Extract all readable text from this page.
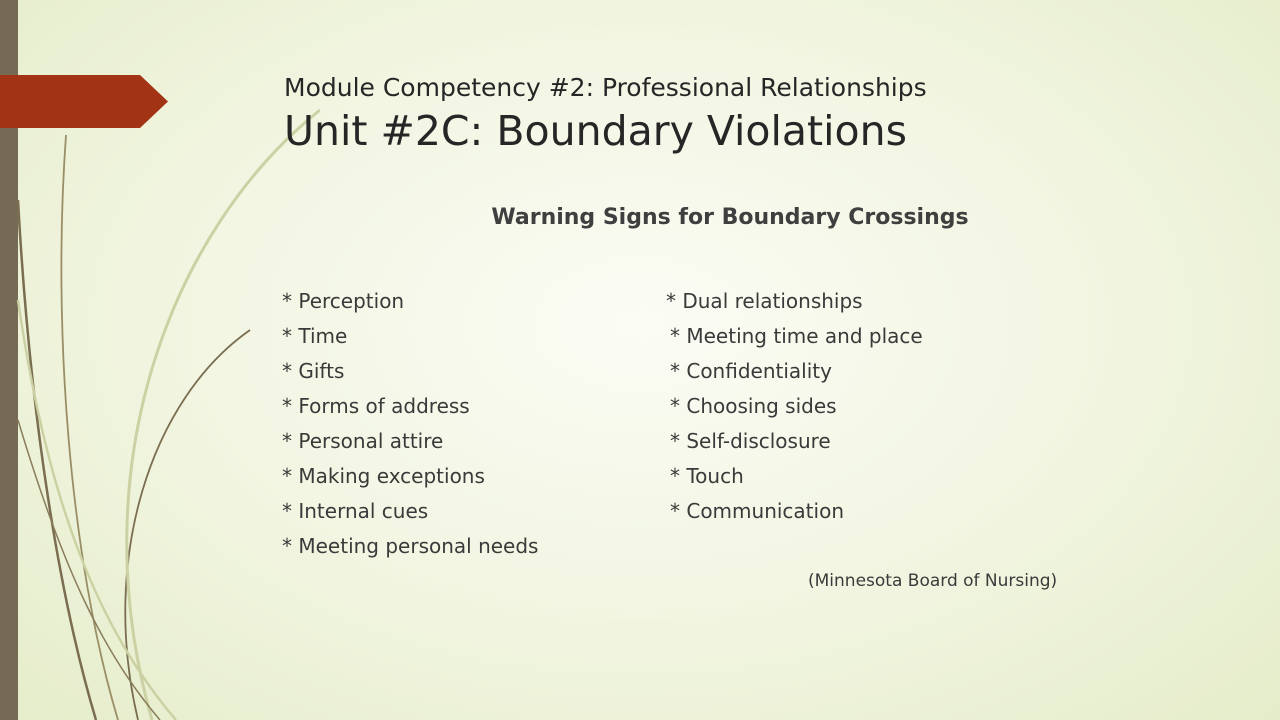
Module Competency #2: Professional Relationships
Unit #2C: Boundary Violations
Warning Signs for Boundary Crossings
* Perception
* Time
* Gifts
* Forms of address
* Personal attire
* Making exceptions
* Internal cues
* Meeting personal needs
* Dual relationships
* Meeting time and place
* Confidentiality
* Choosing sides
* Self-disclosure
* Touch
* Communication
(Minnesota Board of Nursing)
